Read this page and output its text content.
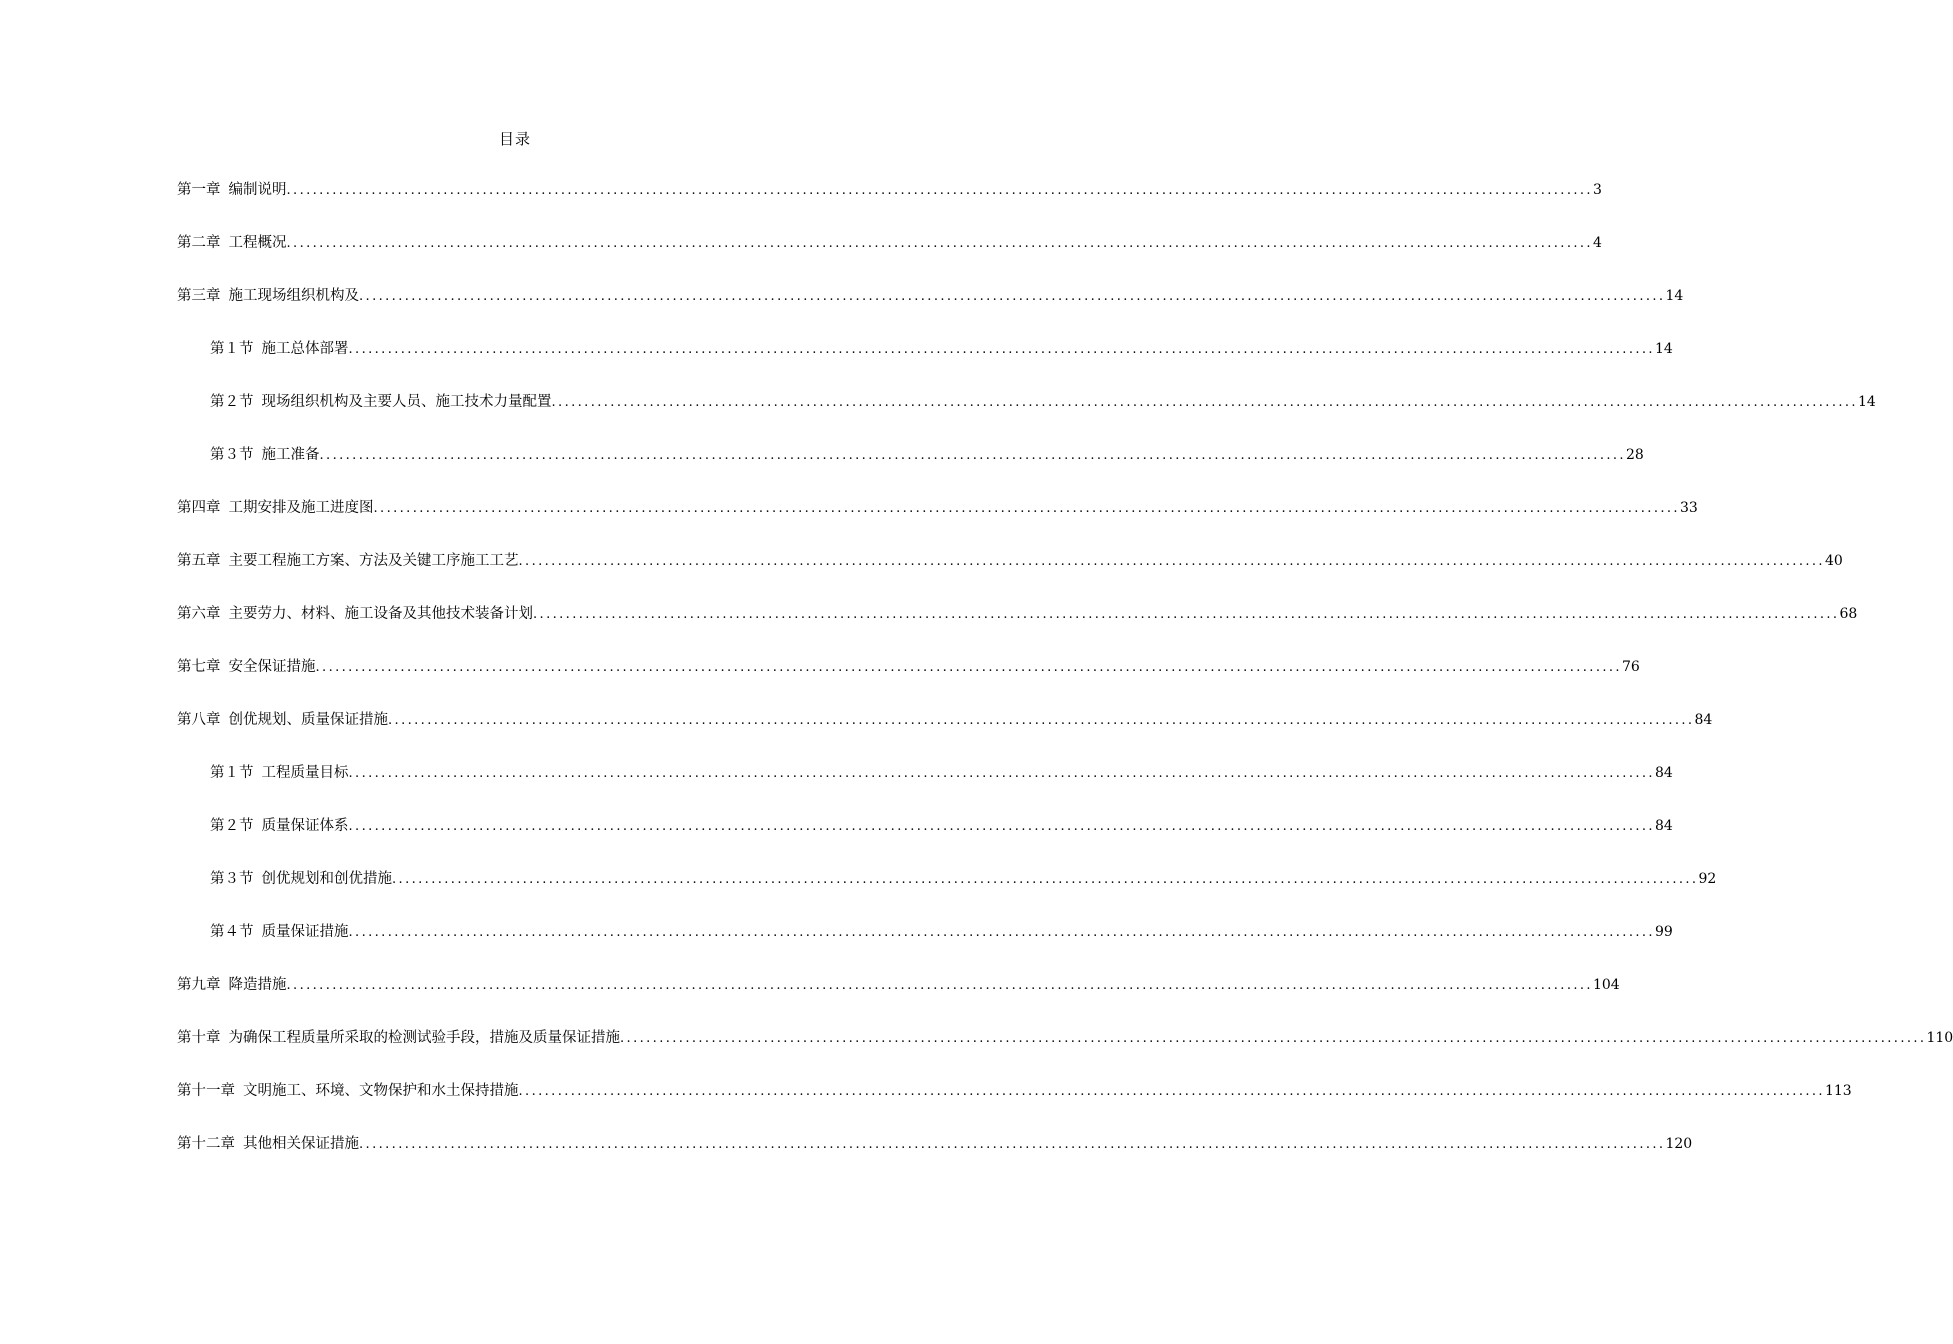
目录
第一章 编制说明 ........................................................................................................................................................................................................ 3
第二章 工程概况 ........................................................................................................................................................................................................ 4
第三章 施工现场组织机构及 ........................................................................................................................................................................................................ 14
第１节 施工总体部署 ........................................................................................................................................................................................................ 14
第２节 现场组织机构及主要人员、施工技术力量配置 ........................................................................................................................................................................................................ 14
第３节 施工准备 ........................................................................................................................................................................................................ 28
第四章 工期安排及施工进度图 ........................................................................................................................................................................................................ 33
第五章 主要工程施工方案、方法及关键工序施工工艺 ........................................................................................................................................................................................................ 40
第六章 主要劳力、材料、施工设备及其他技术装备计划 ........................................................................................................................................................................................................ 68
第七章 安全保证措施 ........................................................................................................................................................................................................ 76
第八章 创优规划、质量保证措施 ........................................................................................................................................................................................................ 84
第１节 工程质量目标 ........................................................................................................................................................................................................ 84
第２节 质量保证体系 ........................................................................................................................................................................................................ 84
第３节 创优规划和创优措施 ........................................................................................................................................................................................................ 92
第４节 质量保证措施 ........................................................................................................................................................................................................ 99
第九章 降造措施 ........................................................................................................................................................................................................ 104
第十章 为确保工程质量所采取的检测试验手段，措施及质量保证措施 ........................................................................................................................................................................................................ 110
第十一章 文明施工、环境、文物保护和水土保持措施 ........................................................................................................................................................................................................ 113
第十二章 其他相关保证措施 ........................................................................................................................................................................................................ 120
